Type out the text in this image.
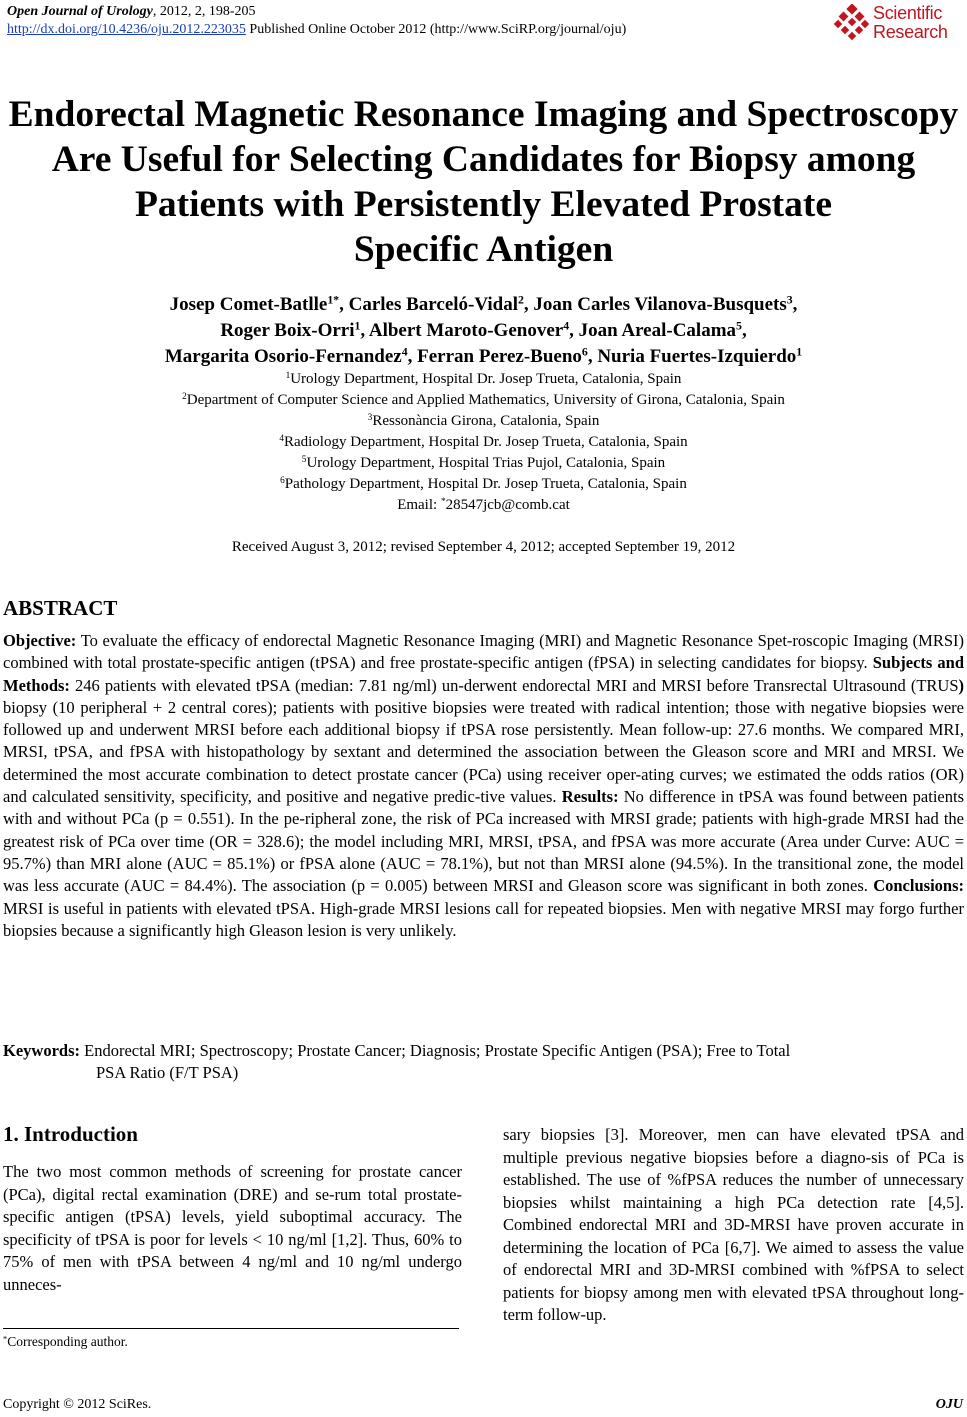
Open Journal of Urology, 2012, 2, 198-205
http://dx.doi.org/10.4236/oju.2012.223035 Published Online October 2012 (http://www.SciRP.org/journal/oju)
Scientific
Research
Endorectal Magnetic Resonance Imaging and Spectroscopy
Are Useful for Selecting Candidates for Biopsy among
Patients with Persistently Elevated Prostate
Specific Antigen
Josep Comet-Batlle$^{1*}$, Carles Barceló-Vidal$^2$, Joan Carles Vilanova-Busquets$^3$,
Roger Boix-Orri$^1$, Albert Maroto-Genover$^4$, Joan Areal-Calama$^5$,
Margarita Osorio-Fernandez$^4$, Ferran Perez-Bueno$^6$, Nuria Fuertes-Izquierdo$^1$
$^1$Urology Department, Hospital Dr. Josep Trueta, Catalonia, Spain
$^2$Department of Computer Science and Applied Mathematics, University of Girona, Catalonia, Spain
$^3$Ressonància Girona, Catalonia, Spain
$^4$Radiology Department, Hospital Dr. Josep Trueta, Catalonia, Spain
$^5$Urology Department, Hospital Trias Pujol, Catalonia, Spain
$^6$Pathology Department, Hospital Dr. Josep Trueta, Catalonia, Spain
Email: *28547jcb@comb.cat
Received August 3, 2012; revised September 4, 2012; accepted September 19, 2012
ABSTRACT

Objective: To evaluate the efficacy of endorectal Magnetic Resonance Imaging (MRI) and Magnetic Resonance Spet-roscopic Imaging (MRSI) combined with total prostate-specific antigen (tPSA) and free prostate-specific antigen (fPSA) in selecting candidates for biopsy. Subjects and Methods: 246 patients with elevated tPSA (median: 7.81 ng/ml) un-derwent endorectal MRI and MRSI before Transrectal Ultrasound (TRUS) biopsy (10 peripheral + 2 central cores); patients with positive biopsies were treated with radical intention; those with negative biopsies were followed up and underwent MRSI before each additional biopsy if tPSA rose persistently. Mean follow-up: 27.6 months. We compared MRI, MRSI, tPSA, and fPSA with histopathology by sextant and determined the association between the Gleason score and MRI and MRSI. We determined the most accurate combination to detect prostate cancer (PCa) using receiver oper-ating curves; we estimated the odds ratios (OR) and calculated sensitivity, specificity, and positive and negative predic-tive values. Results: No difference in tPSA was found between patients with and without PCa (p = 0.551). In the pe-ripheral zone, the risk of PCa increased with MRSI grade; patients with high-grade MRSI had the greatest risk of PCa over time (OR = 328.6); the model including MRI, MRSI, tPSA, and fPSA was more accurate (Area under Curve: AUC = 95.7%) than MRI alone (AUC = 85.1%) or fPSA alone (AUC = 78.1%), but not than MRSI alone (94.5%). In the transitional zone, the model was less accurate (AUC = 84.4%). The association (p = 0.005) between MRSI and Gleason score was significant in both zones. Conclusions: MRSI is useful in patients with elevated tPSA. High-grade MRSI lesions call for repeated biopsies. Men with negative MRSI may forgo further biopsies because a significantly high Gleason lesion is very unlikely.

Keywords: Endorectal MRI; Spectroscopy; Prostate Cancer; Diagnosis; Prostate Specific Antigen (PSA); Free to Total
PSA Ratio (F/T PSA)
1. Introduction
The two most common methods of screening for prostate cancer (PCa), digital rectal examination (DRE) and se-rum total prostate-specific antigen (tPSA) levels, yield suboptimal accuracy. The specificity of tPSA is poor for levels < 10 ng/ml [1,2]. Thus, 60% to 75% of men with tPSA between 4 ng/ml and 10 ng/ml undergo unneces-
sary biopsies [3]. Moreover, men can have elevated tPSA and multiple previous negative biopsies before a diagno-sis of PCa is established. The use of %fPSA reduces the number of unnecessary biopsies whilst maintaining a high PCa detection rate [4,5]. Combined endorectal MRI and 3D-MRSI have proven accurate in determining the location of PCa [6,7]. We aimed to assess the value of endorectal MRI and 3D-MRSI combined with %fPSA to select patients for biopsy among men with elevated tPSA throughout long-term follow-up.
*Corresponding author.
Copyright © 2012 SciRes.	OJU
